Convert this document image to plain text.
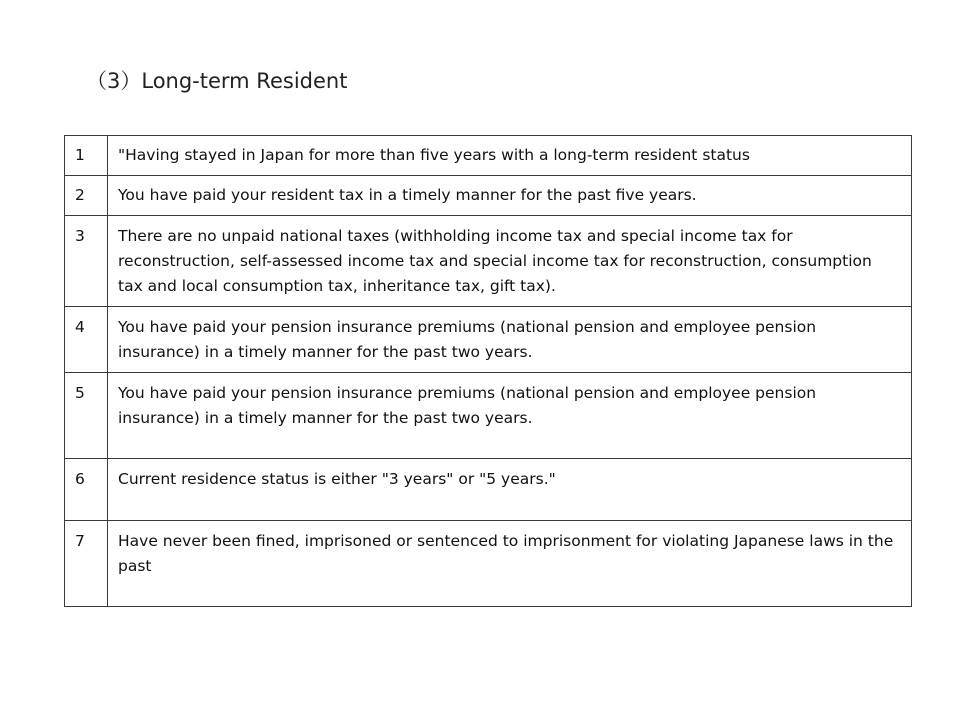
（3）Long-term Resident
1	"Having stayed in Japan for more than five years with a long-term resident status
2	You have paid your resident tax in a timely manner for the past five years.
3	There are no unpaid national taxes (withholding income tax and special income tax for reconstruction, self-assessed income tax and special income tax for reconstruction, consumption tax and local consumption tax, inheritance tax, gift tax).
4	You have paid your pension insurance premiums (national pension and employee pension insurance) in a timely manner for the past two years.
5	You have paid your pension insurance premiums (national pension and employee pension insurance) in a timely manner for the past two years.
6	Current residence status is either "3 years" or "5 years."
7	Have never been fined, imprisoned or sentenced to imprisonment for violating Japanese laws in the past
